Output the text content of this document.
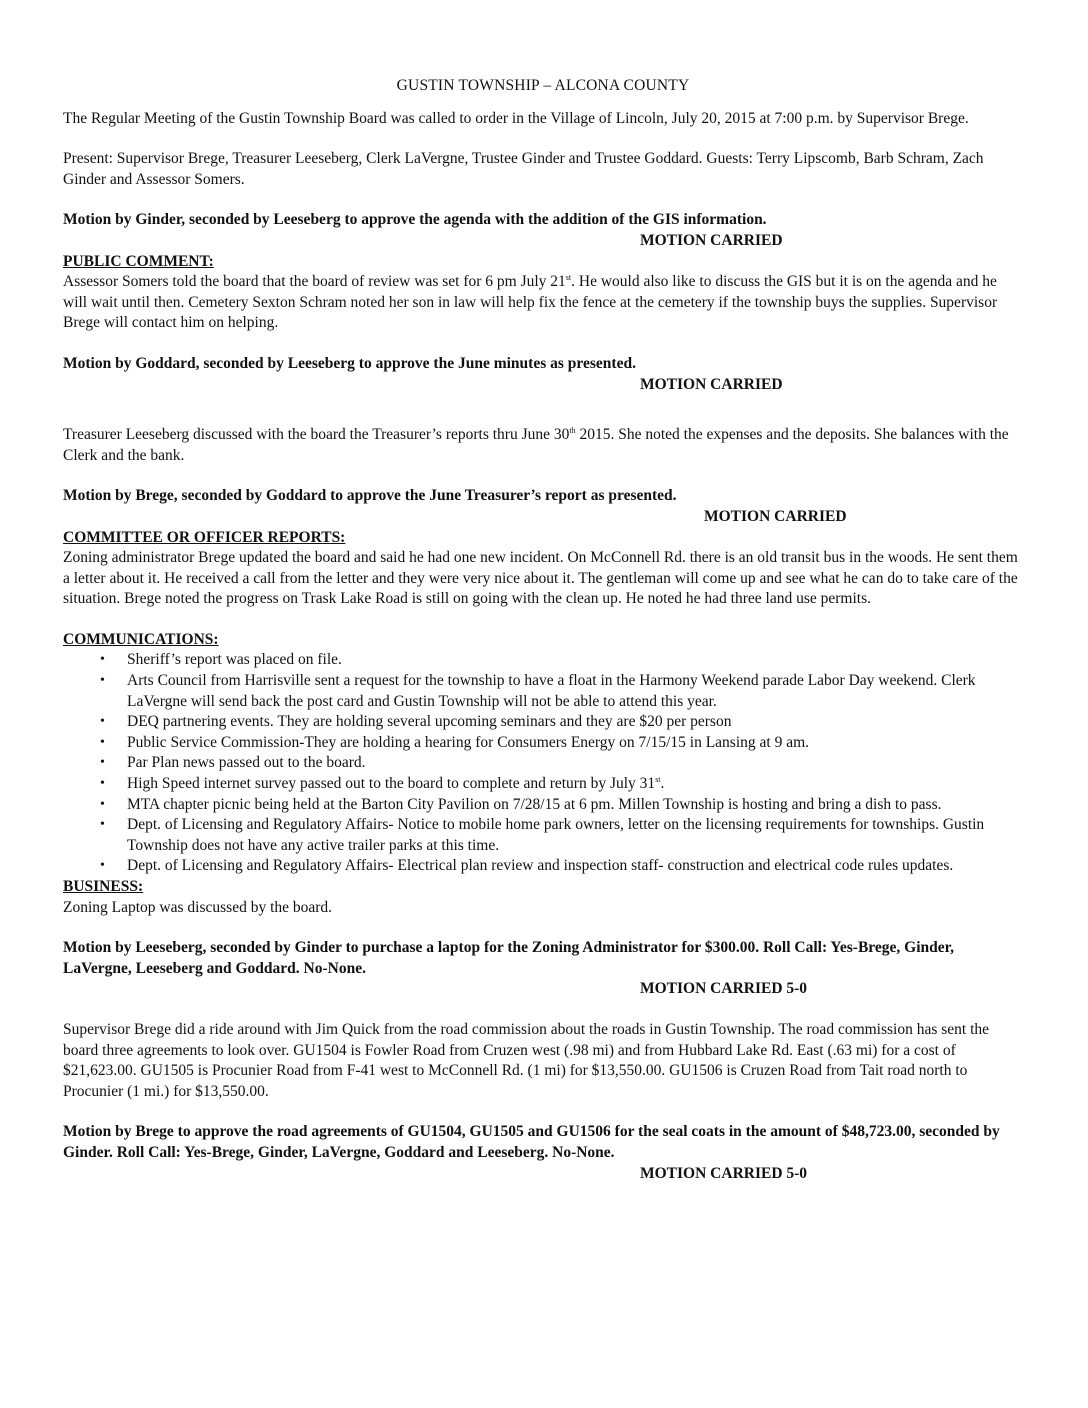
GUSTIN TOWNSHIP – ALCONA COUNTY

The Regular Meeting of the Gustin Township Board was called to order in the Village of Lincoln, July 20, 2015 at 7:00 p.m. by Supervisor Brege.

Present: Supervisor Brege, Treasurer Leeseberg, Clerk LaVergne, Trustee Ginder and Trustee Goddard. Guests: Terry Lipscomb, Barb Schram, Zach Ginder and Assessor Somers.

Motion by Ginder, seconded by Leeseberg to approve the agenda with the addition of the GIS information.

MOTION CARRIED

PUBLIC COMMENT:

Assessor Somers told the board that the board of review was set for 6 pm July 21st. He would also like to discuss the GIS but it is on the agenda and he will wait until then. Cemetery Sexton Schram noted her son in law will help fix the fence at the cemetery if the township buys the supplies. Supervisor Brege will contact him on helping.

Motion by Goddard, seconded by Leeseberg to approve the June minutes as presented.

MOTION CARRIED

Treasurer Leeseberg discussed with the board the Treasurer’s reports thru June 30th 2015. She noted the expenses and the deposits. She balances with the Clerk and the bank.

Motion by Brege, seconded by Goddard to approve the June Treasurer’s report as presented.

MOTION CARRIED

COMMITTEE OR OFFICER REPORTS:

Zoning administrator Brege updated the board and said he had one new incident. On McConnell Rd. there is an old transit bus in the woods. He sent them a letter about it. He received a call from the letter and they were very nice about it. The gentleman will come up and see what he can do to take care of the situation. Brege noted the progress on Trask Lake Road is still on going with the clean up. He noted he had three land use permits.

COMMUNICATIONS:

• Sheriff’s report was placed on file.
• Arts Council from Harrisville sent a request for the township to have a float in the Harmony Weekend parade Labor Day weekend. Clerk LaVergne will send back the post card and Gustin Township will not be able to attend this year.
• DEQ partnering events. They are holding several upcoming seminars and they are $20 per person
• Public Service Commission-They are holding a hearing for Consumers Energy on 7/15/15 in Lansing at 9 am.
• Par Plan news passed out to the board.
• High Speed internet survey passed out to the board to complete and return by July 31st.
• MTA chapter picnic being held at the Barton City Pavilion on 7/28/15 at 6 pm. Millen Township is hosting and bring a dish to pass.
• Dept. of Licensing and Regulatory Affairs- Notice to mobile home park owners, letter on the licensing requirements for townships. Gustin Township does not have any active trailer parks at this time.
• Dept. of Licensing and Regulatory Affairs- Electrical plan review and inspection staff- construction and electrical code rules updates.

BUSINESS:

Zoning Laptop was discussed by the board.

Motion by Leeseberg, seconded by Ginder to purchase a laptop for the Zoning Administrator for $300.00. Roll Call: Yes-Brege, Ginder, LaVergne, Leeseberg and Goddard. No-None.

MOTION CARRIED 5-0

Supervisor Brege did a ride around with Jim Quick from the road commission about the roads in Gustin Township. The road commission has sent the board three agreements to look over. GU1504 is Fowler Road from Cruzen west (.98 mi) and from Hubbard Lake Rd. East (.63 mi) for a cost of $21,623.00. GU1505 is Procunier Road from F-41 west to McConnell Rd. (1 mi) for $13,550.00. GU1506 is Cruzen Road from Tait road north to Procunier (1 mi.) for $13,550.00.

Motion by Brege to approve the road agreements of GU1504, GU1505 and GU1506 for the seal coats in the amount of $48,723.00, seconded by Ginder. Roll Call: Yes-Brege, Ginder, LaVergne, Goddard and Leeseberg. No-None.

MOTION CARRIED 5-0
